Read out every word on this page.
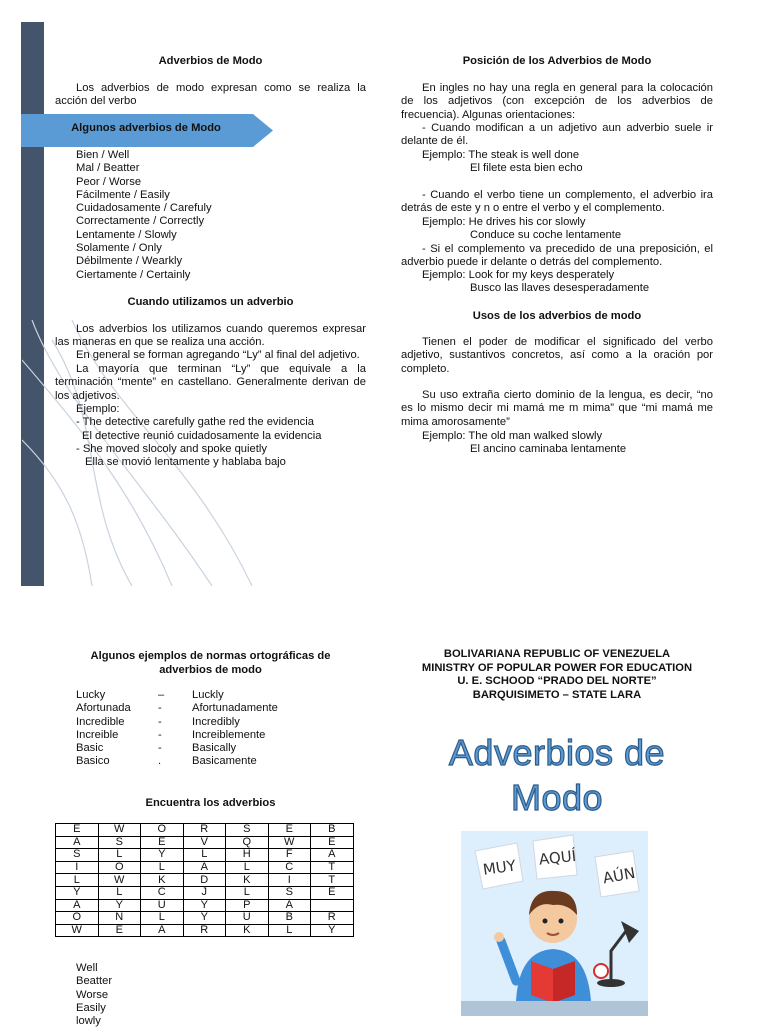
Adverbios de Modo
Los adverbios de modo expresan como se realiza la acción del verbo
Algunos adverbios de Modo
Bien / Well
Mal / Beatter
Peor / Worse
Fácilmente / Easily
Cuidadosamente / Carefuly
Correctamente / Correctly
Lentamente / Slowly
Solamente / Only
Débilmente / Wearkly
Ciertamente / Certainly
Cuando utilizamos un adverbio
Los adverbios los utilizamos cuando queremos expresar las maneras en que se realiza una acción.
En general se forman agregando “Ly” al final del adjetivo.
La mayoría que terminan “Ly” que equivale a la terminación “mente” en castellano. Generalmente derivan de los adjetivos.
Ejemplo:
- The detective carefully gathe red the evidencia
El detective reunió cuidadosamente la evidencia
- She moved slocoly and spoke quietly
Ella se movió lentamente y hablaba bajo
Posición de los Adverbios de Modo
En ingles no hay una regla en general para la colocación de los adjetivos (con excepción de los adverbios de frecuencia). Algunas orientaciones:
- Cuando modifican a un adjetivo aun adverbio suele ir delante de él.
Ejemplo: The steak is well done
El filete esta bien echo
- Cuando el verbo tiene un complemento, el adverbio ira detrás de este y n o entre el verbo y el complemento.
Ejemplo: He drives his cor slowly
Conduce su coche lentamente
- Si el complemento va precedido de una preposición, el adverbio puede ir delante o detrás del complemento.
Ejemplo: Look for my keys desperately
Busco las llaves desesperadamente
Usos de los adverbios de modo
Tienen el poder de modificar el significado del verbo adjetivo, sustantivos concretos, así como a la oración por completo.
Su uso extraña cierto dominio de la lengua, es decir, “no es lo mismo decir mi mamá me m mima” que “mi mamá me mima amorosamente”
Ejemplo: The old man walked slowly
El ancino caminaba lentamente
Algunos ejemplos de normas ortográficas de
adverbios de modo
Lucky	– Luckly
Afortunada -	Afortunadamente
Incredible	-	Incredibly
Increible	-	Increiblemente
Basic	-	Basically
Basico	.	Basicamente
Encuentra los adverbios
E	W	O	R	S	E	B
A	S	E	V	Q	W	E
S	L	Y	L	H	F	A
I	O	L	A	L	C	T
L	W	K	D	K	I	T
Y	L	C	J	L	S	E
A	Y	U	Y	P	A	
O	N	L	Y	U	B	R
W	E	A	R	K	L	Y
Well
Beatter
Worse
Easily
lowly
BOLIVARIANA REPUBLIC OF VENEZUELA
MINISTRY OF POPULAR POWER FOR EDUCATION
U. E. SCHOOD “PRADO DEL NORTE”
BARQUISIMETO – STATE LARA
Adverbios de
Modo
MUY AQUÍ
AÚN
